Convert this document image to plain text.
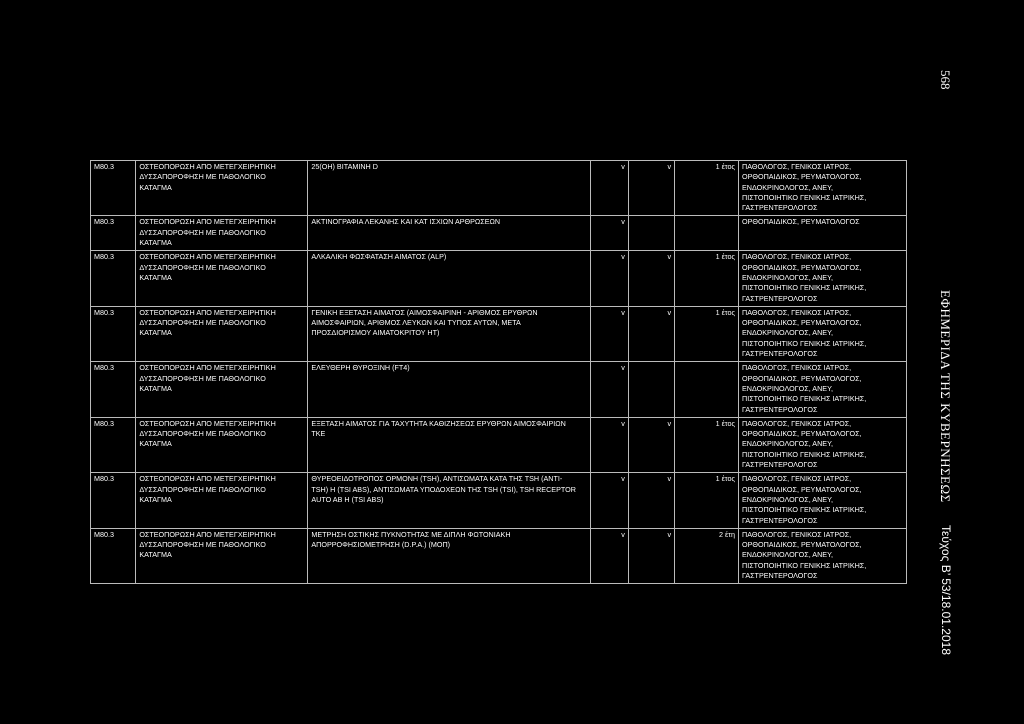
568
ΕΦΗΜΕΡΙΔΑ ΤΗΣ ΚΥΒΕΡΝΗΣΕΩΣ
Τεύχος Β’ 53/18.01.2018
M80.3	ΟΣΤΕΟΠΟΡΩΣΗ ΑΠΟ ΜΕΤΕΓΧΕΙΡΗΤΙΚΗ
ΔΥΣΣΑΠΟΡΟΦΗΣΗ ΜΕ ΠΑΘΟΛΟΓΙΚΟ
ΚΑΤΑΓΜΑ	25(ΟΗ) ΒΙΤΑΜΙΝΗ D	v	v	1 έτος	ΠΑΘΟΛΟΓΟΣ, ΓΕΝΙΚΟΣ ΙΑΤΡΟΣ,
ΟΡΘΟΠΑΙΔΙΚΟΣ, ΡΕΥΜΑΤΟΛΟΓΟΣ,
ΕΝΔΟΚΡΙΝΟΛΟΓΟΣ, ΑΝΕΥ,
ΠΙΣΤΟΠΟΙΗΤΙΚΟ ΓΕΝΙΚΗΣ ΙΑΤΡΙΚΗΣ,
ΓΑΣΤΡΕΝΤΕΡΟΛΟΓΟΣ

M80.3	ΟΣΤΕΟΠΟΡΩΣΗ ΑΠΟ ΜΕΤΕΓΧΕΙΡΗΤΙΚΗ
ΔΥΣΣΑΠΟΡΟΦΗΣΗ ΜΕ ΠΑΘΟΛΟΓΙΚΟ
ΚΑΤΑΓΜΑ	ΑΚΤΙΝΟΓΡΑΦΙΑ ΛΕΚΑΝΗΣ ΚΑΙ ΚΑΤ ΙΣΧΙΩΝ ΑΡΘΡΩΣΕΩΝ	v			ΟΡΘΟΠΑΙΔΙΚΟΣ, ΡΕΥΜΑΤΟΛΟΓΟΣ

M80.3	ΟΣΤΕΟΠΟΡΩΣΗ ΑΠΟ ΜΕΤΕΓΧΕΙΡΗΤΙΚΗ
ΔΥΣΣΑΠΟΡΟΦΗΣΗ ΜΕ ΠΑΘΟΛΟΓΙΚΟ
ΚΑΤΑΓΜΑ	ΑΛΚΑΛΙΚΗ ΦΩΣΦΑΤΑΣΗ ΑΙΜΑΤΟΣ (ALP)	v	v	1 έτος	ΠΑΘΟΛΟΓΟΣ, ΓΕΝΙΚΟΣ ΙΑΤΡΟΣ,
ΟΡΘΟΠΑΙΔΙΚΟΣ, ΡΕΥΜΑΤΟΛΟΓΟΣ,
ΕΝΔΟΚΡΙΝΟΛΟΓΟΣ, ΑΝΕΥ,
ΠΙΣΤΟΠΟΙΗΤΙΚΟ ΓΕΝΙΚΗΣ ΙΑΤΡΙΚΗΣ,
ΓΑΣΤΡΕΝΤΕΡΟΛΟΓΟΣ

M80.3	ΟΣΤΕΟΠΟΡΩΣΗ ΑΠΟ ΜΕΤΕΓΧΕΙΡΗΤΙΚΗ
ΔΥΣΣΑΠΟΡΟΦΗΣΗ ΜΕ ΠΑΘΟΛΟΓΙΚΟ
ΚΑΤΑΓΜΑ	ΓΕΝΙΚΗ ΕΞΕΤΑΣΗ ΑΙΜΑΤΟΣ (ΑΙΜΟΣΦΑΙΡΙΝΗ - ΑΡΙΘΜΟΣ ΕΡΥΘΡΩΝ
ΑΙΜΟΣΦΑΙΡΙΩΝ, ΑΡΙΘΜΟΣ ΛΕΥΚΩΝ ΚΑΙ ΤΥΠΟΣ ΑΥΤΩΝ, ΜΕΤΑ
ΠΡΟΣΔΙΟΡΙΣΜΟΥ ΑΙΜΑΤΟΚΡΙΤΟΥ ΗΤ)	v	v	1 έτος	ΠΑΘΟΛΟΓΟΣ, ΓΕΝΙΚΟΣ ΙΑΤΡΟΣ,
ΟΡΘΟΠΑΙΔΙΚΟΣ, ΡΕΥΜΑΤΟΛΟΓΟΣ,
ΕΝΔΟΚΡΙΝΟΛΟΓΟΣ, ΑΝΕΥ,
ΠΙΣΤΟΠΟΙΗΤΙΚΟ ΓΕΝΙΚΗΣ ΙΑΤΡΙΚΗΣ,
ΓΑΣΤΡΕΝΤΕΡΟΛΟΓΟΣ

M80.3	ΟΣΤΕΟΠΟΡΩΣΗ ΑΠΟ ΜΕΤΕΓΧΕΙΡΗΤΙΚΗ
ΔΥΣΣΑΠΟΡΟΦΗΣΗ ΜΕ ΠΑΘΟΛΟΓΙΚΟ
ΚΑΤΑΓΜΑ	ΕΛΕΥΘΕΡΗ ΘΥΡΟΞΙΝΗ (FT4)	v			ΠΑΘΟΛΟΓΟΣ, ΓΕΝΙΚΟΣ ΙΑΤΡΟΣ,
ΟΡΘΟΠΑΙΔΙΚΟΣ, ΡΕΥΜΑΤΟΛΟΓΟΣ,
ΕΝΔΟΚΡΙΝΟΛΟΓΟΣ, ΑΝΕΥ,
ΠΙΣΤΟΠΟΙΗΤΙΚΟ ΓΕΝΙΚΗΣ ΙΑΤΡΙΚΗΣ,
ΓΑΣΤΡΕΝΤΕΡΟΛΟΓΟΣ

M80.3	ΟΣΤΕΟΠΟΡΩΣΗ ΑΠΟ ΜΕΤΕΓΧΕΙΡΗΤΙΚΗ
ΔΥΣΣΑΠΟΡΟΦΗΣΗ ΜΕ ΠΑΘΟΛΟΓΙΚΟ
ΚΑΤΑΓΜΑ	ΕΞΕΤΑΣΗ ΑΙΜΑΤΟΣ ΓΙΑ ΤΑΧΥΤΗΤΑ ΚΑΘΙΖΗΣΕΩΣ ΕΡΥΘΡΩΝ ΑΙΜΟΣΦΑΙΡΙΩΝ
ΤΚΕ	v	v	1 έτος	ΠΑΘΟΛΟΓΟΣ, ΓΕΝΙΚΟΣ ΙΑΤΡΟΣ,
ΟΡΘΟΠΑΙΔΙΚΟΣ, ΡΕΥΜΑΤΟΛΟΓΟΣ,
ΕΝΔΟΚΡΙΝΟΛΟΓΟΣ, ΑΝΕΥ,
ΠΙΣΤΟΠΟΙΗΤΙΚΟ ΓΕΝΙΚΗΣ ΙΑΤΡΙΚΗΣ,
ΓΑΣΤΡΕΝΤΕΡΟΛΟΓΟΣ

M80.3	ΟΣΤΕΟΠΟΡΩΣΗ ΑΠΟ ΜΕΤΕΓΧΕΙΡΗΤΙΚΗ
ΔΥΣΣΑΠΟΡΟΦΗΣΗ ΜΕ ΠΑΘΟΛΟΓΙΚΟ
ΚΑΤΑΓΜΑ	ΘΥΡΕΟΕΙΔΟΤΡΟΠΟΣ ΟΡΜΟΝΗ (TSH), ΑΝΤΙΣΩΜΑΤΑ ΚΑΤΑ ΤΗΣ TSH (ANTI-
TSH) H (TSI ABS), ΑΝΤΙΣΩΜΑΤΑ ΥΠΟΔΟΧΕΩΝ ΤΗΣ TSH (TSI), TSH RECEPTOR
AUTO AB H (TSI ABS)	v	v	1 έτος	ΠΑΘΟΛΟΓΟΣ, ΓΕΝΙΚΟΣ ΙΑΤΡΟΣ,
ΟΡΘΟΠΑΙΔΙΚΟΣ, ΡΕΥΜΑΤΟΛΟΓΟΣ,
ΕΝΔΟΚΡΙΝΟΛΟΓΟΣ, ΑΝΕΥ,
ΠΙΣΤΟΠΟΙΗΤΙΚΟ ΓΕΝΙΚΗΣ ΙΑΤΡΙΚΗΣ,
ΓΑΣΤΡΕΝΤΕΡΟΛΟΓΟΣ

M80.3	ΟΣΤΕΟΠΟΡΩΣΗ ΑΠΟ ΜΕΤΕΓΧΕΙΡΗΤΙΚΗ
ΔΥΣΣΑΠΟΡΟΦΗΣΗ ΜΕ ΠΑΘΟΛΟΓΙΚΟ
ΚΑΤΑΓΜΑ	ΜΕΤΡΗΣΗ ΟΣΤΙΚΗΣ ΠΥΚΝΟΤΗΤΑΣ ΜΕ ΔΙΠΛΗ ΦΩΤΟΝΙΑΚΗ
ΑΠΟΡΡΟΦΗΣΙΟΜΕΤΡΗΣΗ (D.P.A.) (ΜΟΠ)	v	v	2 έτη	ΠΑΘΟΛΟΓΟΣ, ΓΕΝΙΚΟΣ ΙΑΤΡΟΣ,
ΟΡΘΟΠΑΙΔΙΚΟΣ, ΡΕΥΜΑΤΟΛΟΓΟΣ,
ΕΝΔΟΚΡΙΝΟΛΟΓΟΣ, ΑΝΕΥ,
ΠΙΣΤΟΠΟΙΗΤΙΚΟ ΓΕΝΙΚΗΣ ΙΑΤΡΙΚΗΣ,
ΓΑΣΤΡΕΝΤΕΡΟΛΟΓΟΣ
